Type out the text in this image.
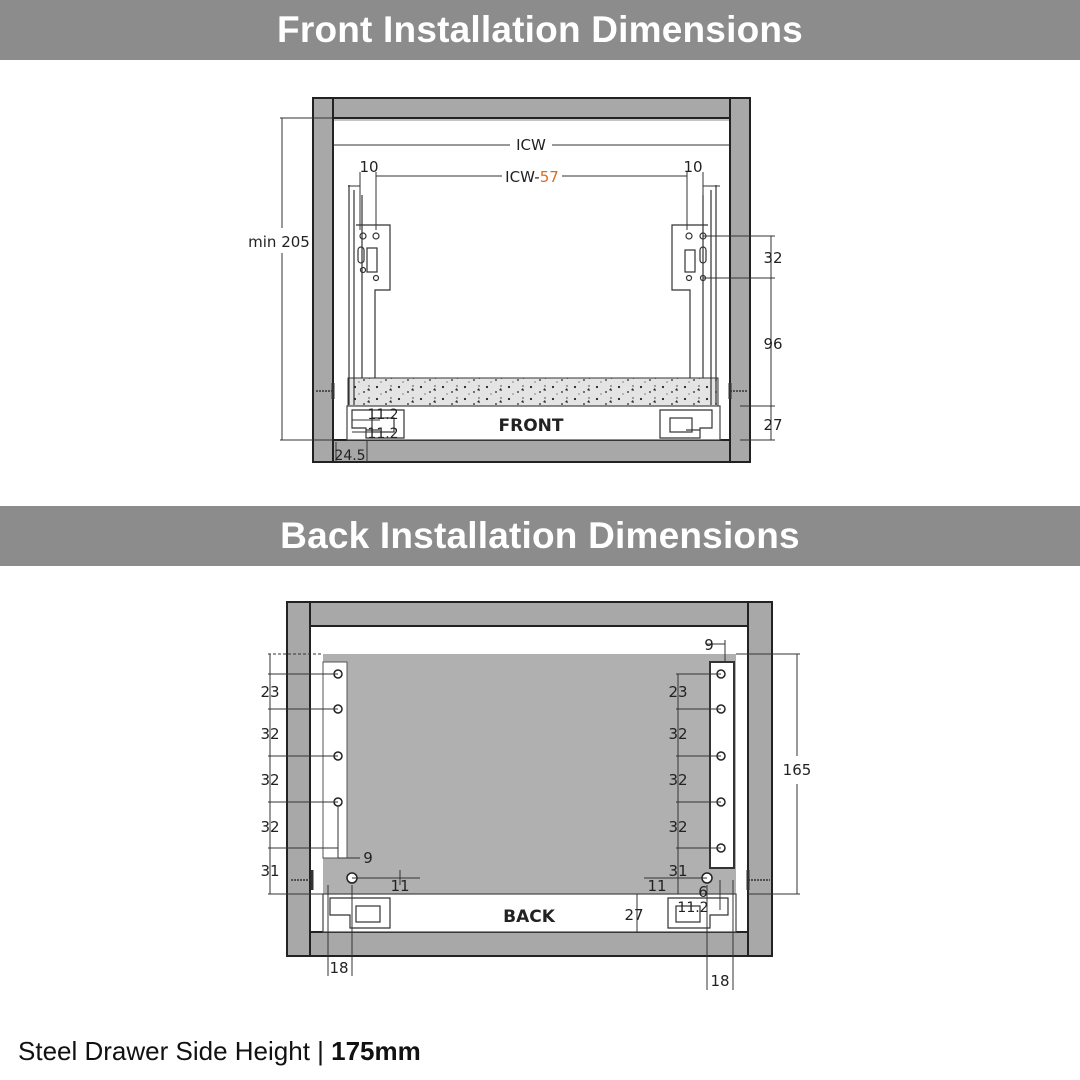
Front Installation Dimensions
Back Installation Dimensions
ICW
ICW-57
10	10
min 205
32
96
27
11.2
11.2
24.5
FRONT
23
32
32
32
31
9
11
18
9
23
32
32
32
31
11 6
11.2
27
165
18
BACK
Steel Drawer Side Height | 175mm
